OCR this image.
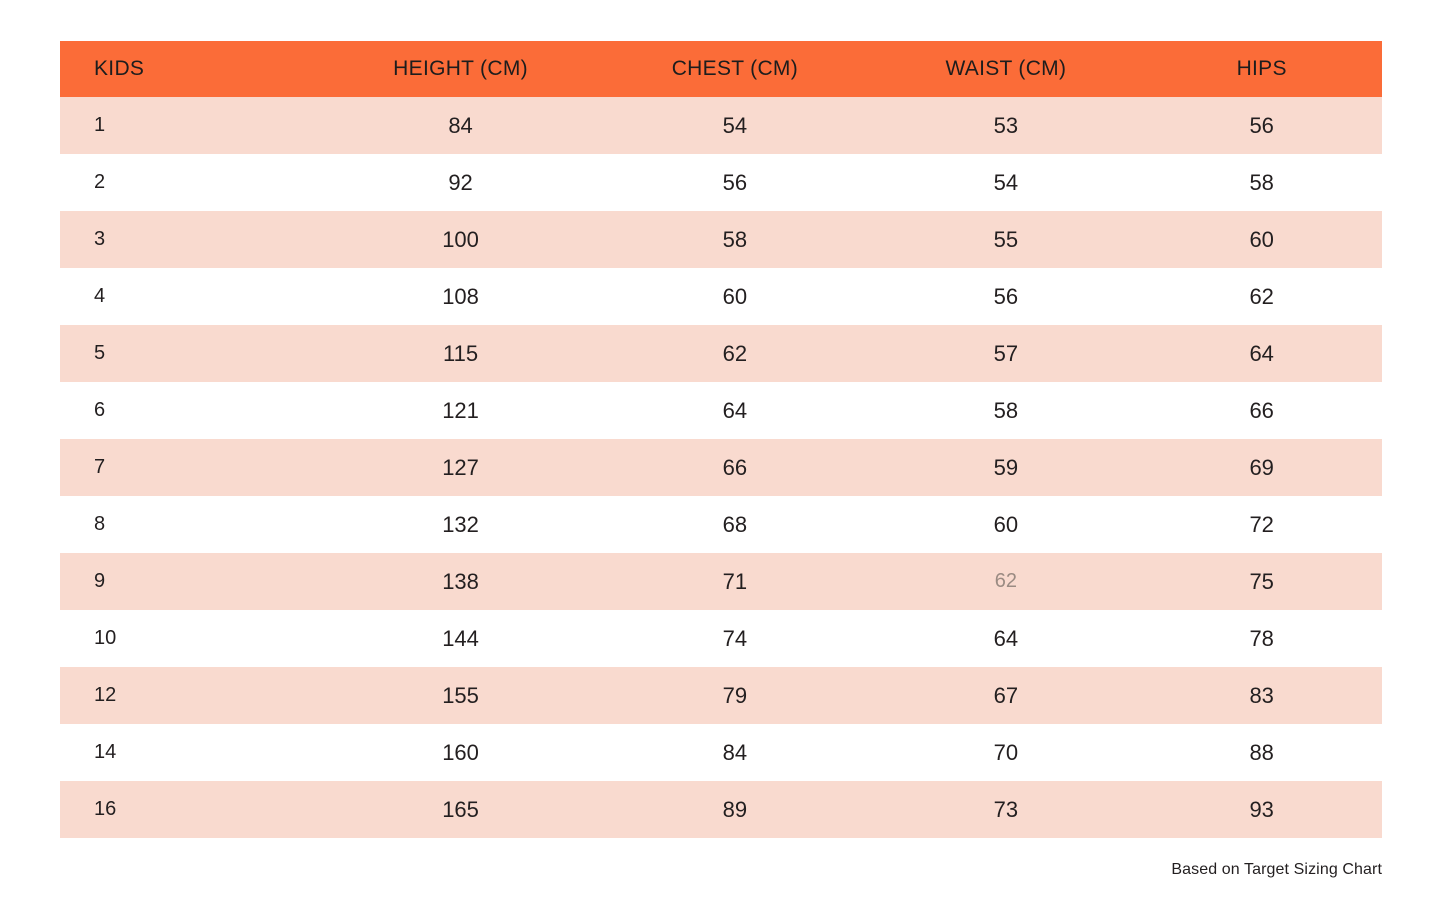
KIDS	HEIGHT (CM)	CHEST (CM)	WAIST (CM)	HIPS
1	84	54	53	56
2	92	56	54	58
3	100	58	55	60
4	108	60	56	62
5	115	62	57	64
6	121	64	58	66
7	127	66	59	69
8	132	68	60	72
9	138	71	62	75
10	144	74	64	78
12	155	79	67	83
14	160	84	70	88
16	165	89	73	93
Based on Target Sizing Chart
